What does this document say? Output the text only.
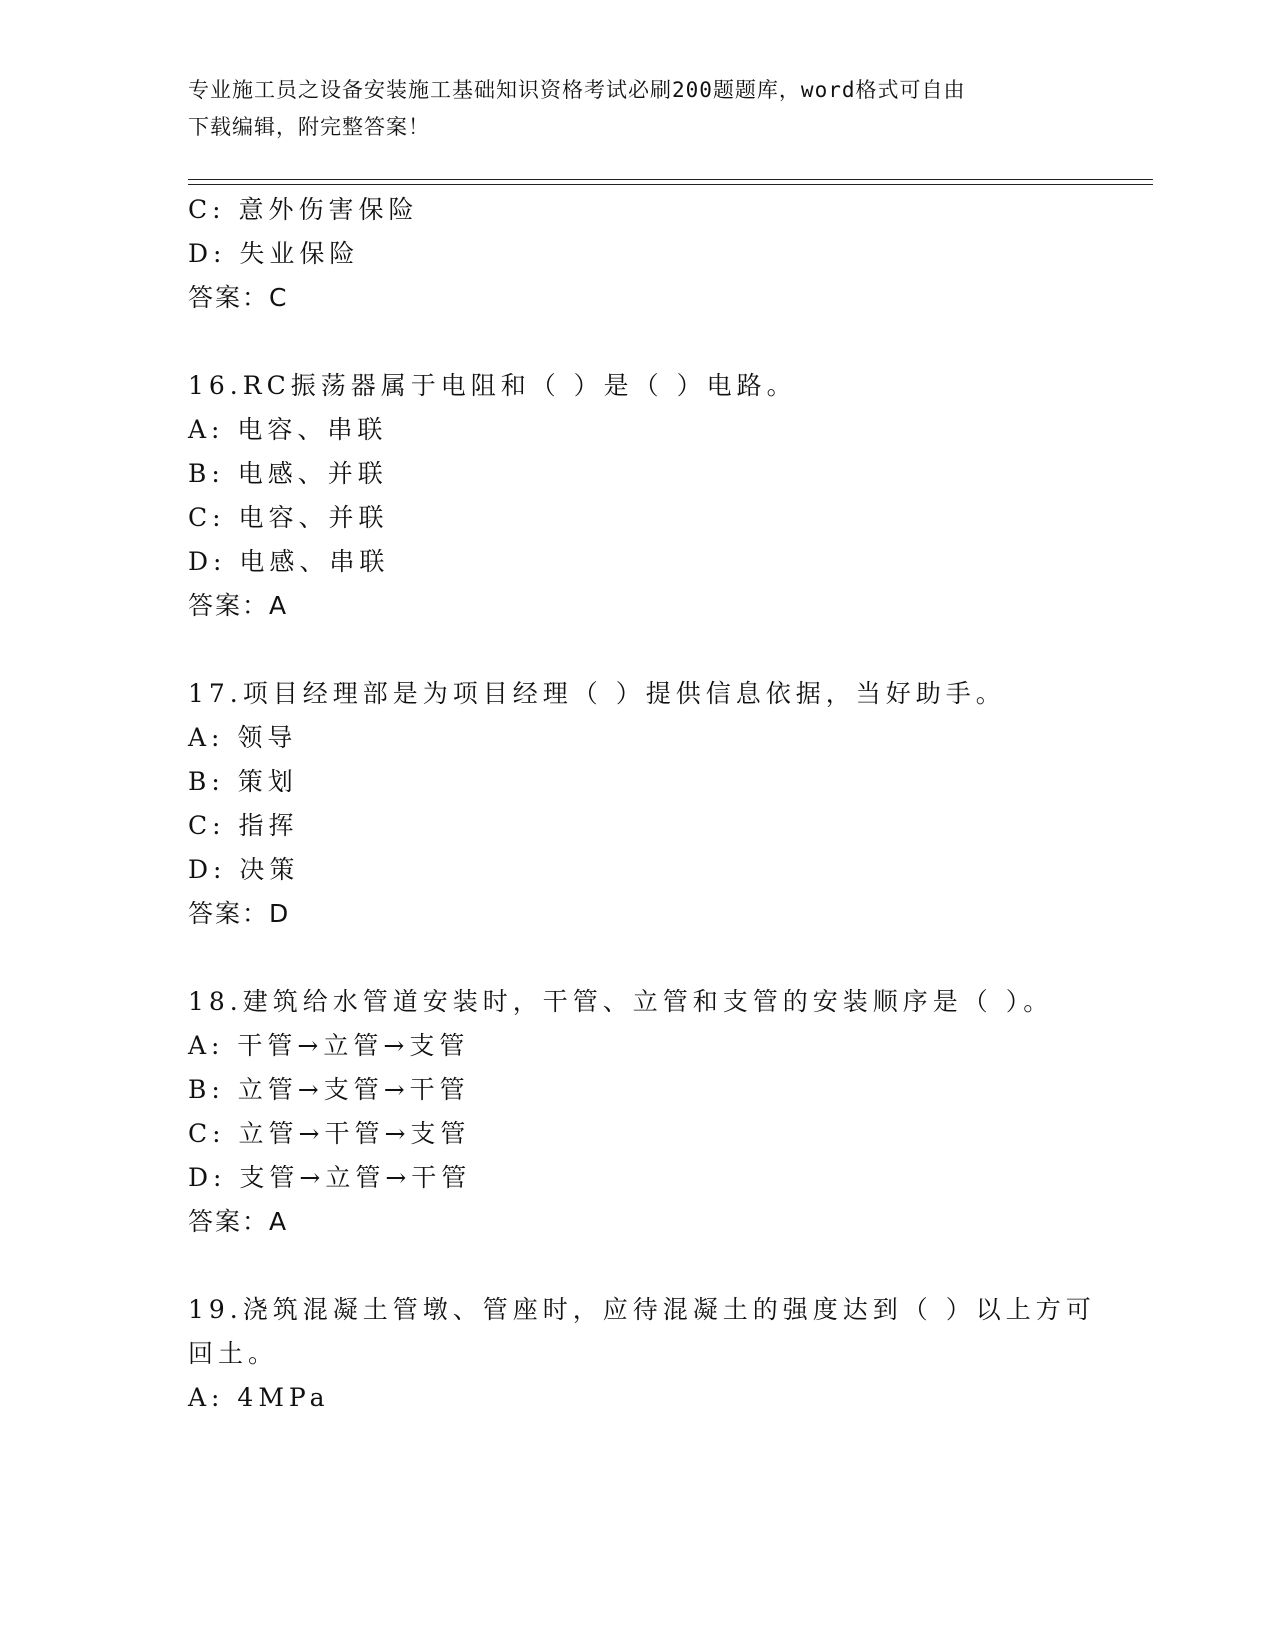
专业施工员之设备安装施工基础知识资格考试必刷200题题库，word格式可自由
下载编辑，附完整答案！
C: 意外伤害保险
D: 失业保险
答案：C
16.RC振荡器属于电阻和（ ）是（ ）电路。
A: 电容、串联
B: 电感、并联
C: 电容、并联
D: 电感、串联
答案：A
17.项目经理部是为项目经理（ ）提供信息依据，当好助手。
A: 领导
B: 策划
C: 指挥
D: 决策
答案：D
18.建筑给水管道安装时，干管、立管和支管的安装顺序是（ ）。
A: 干管→立管→支管
B: 立管→支管→干管
C: 立管→干管→支管
D: 支管→立管→干管
答案：A
19.浇筑混凝土管墩、管座时，应待混凝土的强度达到（ ）以上方可
回土。
A: 4MPa
